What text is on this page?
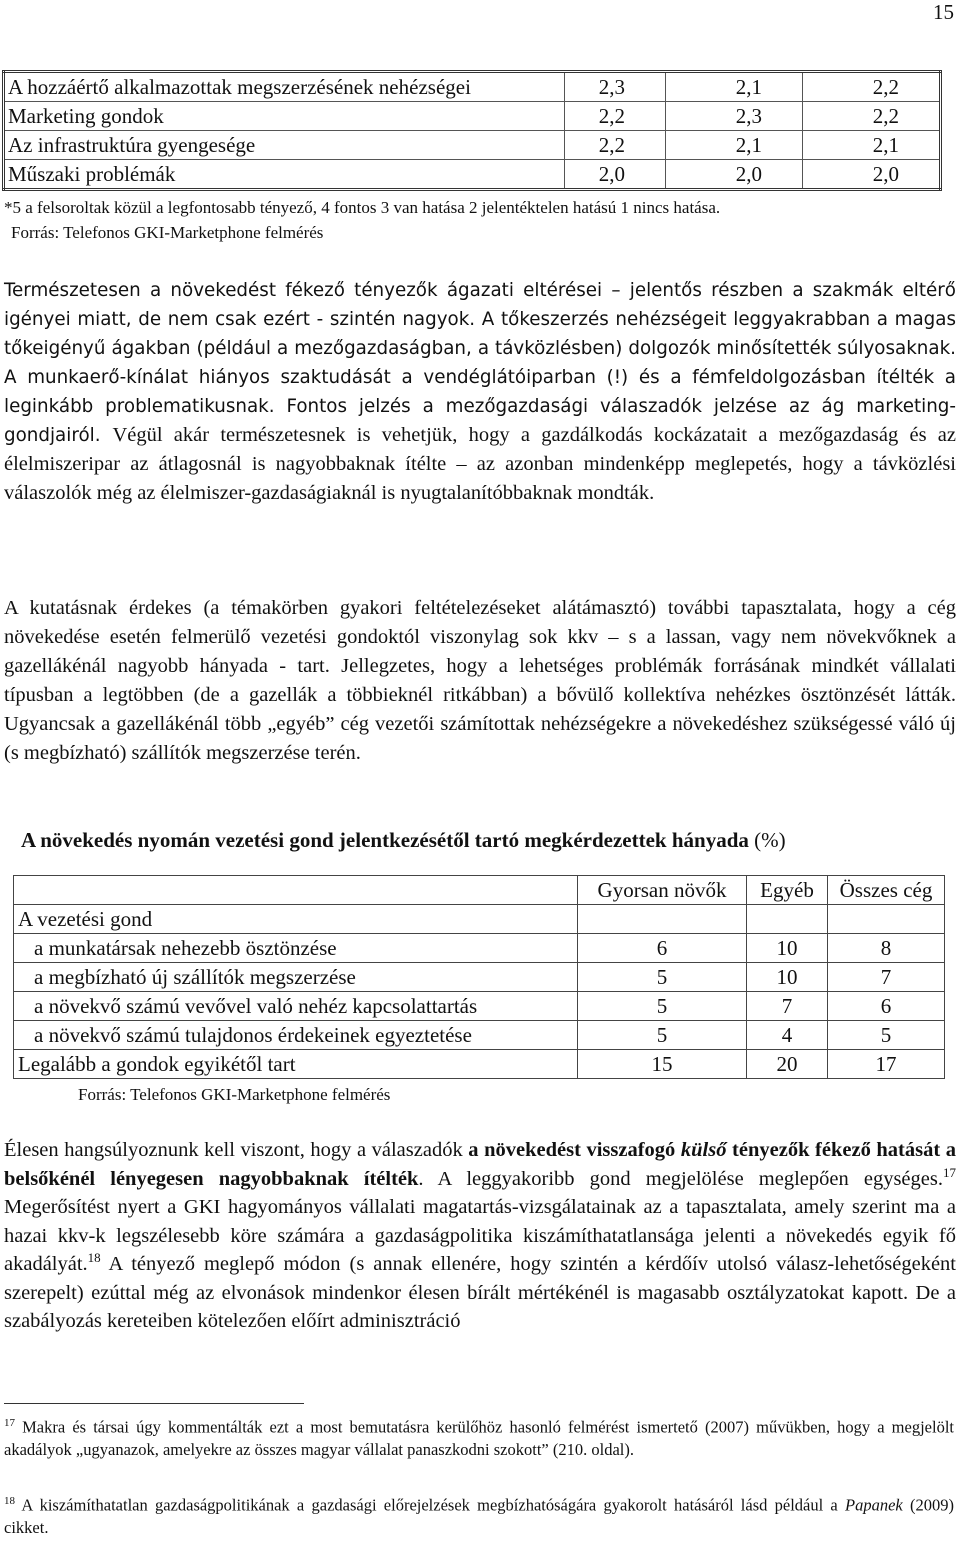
15
A hozzáértő alkalmazottak megszerzésének nehézségei	2,3	2,1	2,2
Marketing gondok	2,2	2,3	2,2
Az infrastruktúra gyengesége	2,2	2,1	2,1
Műszaki problémák	2,0	2,0	2,0
*5 a felsoroltak közül a legfontosabb tényező, 4 fontos 3 van hatása 2 jelentéktelen hatású 1 nincs hatása.
Forrás: Telefonos GKI-Marketphone felmérés

Természetesen a növekedést fékező tényezők ágazati eltérései – jelentős részben a szakmák eltérő igényei miatt, de nem csak ezért - szintén nagyok. A tőkeszerzés nehézségeit leggyakrabban a magas tőkeigényű ágakban (például a mezőgazdaságban, a távközlésben) dolgozók minősítették súlyosaknak. A munkaerő-kínálat hiányos szaktudását a vendéglátóiparban (!) és a fémfeldolgozásban ítélték a leginkább problematikusnak. Fontos jelzés a mezőgazdasági válaszadók jelzése az ág marketing-gondjairól. Végül akár természetesnek is vehetjük, hogy a gazdálkodás kockázatait a mezőgazdaság és az élelmiszeripar az átlagosnál is nagyobbaknak ítélte – az azonban mindenképp meglepetés, hogy a távközlési válaszolók még az élelmiszer-gazdaságiaknál is nyugtalanítóbbaknak mondták.

A kutatásnak érdekes (a témakörben gyakori feltételezéseket alátámasztó) további tapasztalata, hogy a cég növekedése esetén felmerülő vezetési gondoktól viszonylag sok kkv – s a lassan, vagy nem növekvőknek a gazellákénál nagyobb hányada - tart. Jellegzetes, hogy a lehetséges problémák forrásának mindkét vállalati típusban a legtöbben (de a gazellák a többieknél ritkábban) a bővülő kollektíva nehézkes ösztönzését látták. Ugyancsak a gazellákénál több „egyéb” cég vezetői számítottak nehézségekre a növekedéshez szükségessé váló új (s megbízható) szállítók megszerzése terén.

A növekedés nyomán vezetési gond jelentkezésétől tartó megkérdezettek hányada (%)
	Gyorsan növők	Egyéb	Összes cég
A vezetési gond			
a munkatársak nehezebb ösztönzése	6	10	8
a megbízható új szállítók megszerzése	5	10	7
a növekvő számú vevővel való nehéz kapcsolattartás	5	7	6
a növekvő számú tulajdonos érdekeinek egyeztetése	5	4	5
Legalább a gondok egyikétől tart	15	20	17
Forrás: Telefonos GKI-Marketphone felmérés

Élesen hangsúlyoznunk kell viszont, hogy a válaszadók a növekedést visszafogó külső tényezők fékező hatását a belsőkénél lényegesen nagyobbaknak ítélték. A leggyakoribb gond megjelölése meglepően egységes.$^{17}$ Megerősítést nyert a GKI hagyományos vállalati magatartás-vizsgálatainak az a tapasztalata, amely szerint ma a hazai kkv-k legszélesebb köre számára a gazdaságpolitika kiszámíthatatlansága jelenti a növekedés egyik fő akadályát.$^{18}$ A tényező meglepő módon (s annak ellenére, hogy szintén a kérdőív utolsó válasz-lehetőségeként szerepelt) ezúttal még az elvonások mindenkor élesen bírált mértékénél is magasabb osztályzatokat kapott. De a szabályozás kereteiben kötelezően előírt adminisztráció

$^{17}$ Makra és társai úgy kommentálták ezt a most bemutatásra kerülőhöz hasonló felmérést ismertető (2007) művükben, hogy a megjelölt akadályok „ugyanazok, amelyekre az összes magyar vállalat panaszkodni szokott” (210. oldal).
$^{18}$ A kiszámíthatatlan gazdaságpolitikának a gazdasági előrejelzések megbízhatóságára gyakorolt hatásáról lásd például a Papanek (2009) cikket.
